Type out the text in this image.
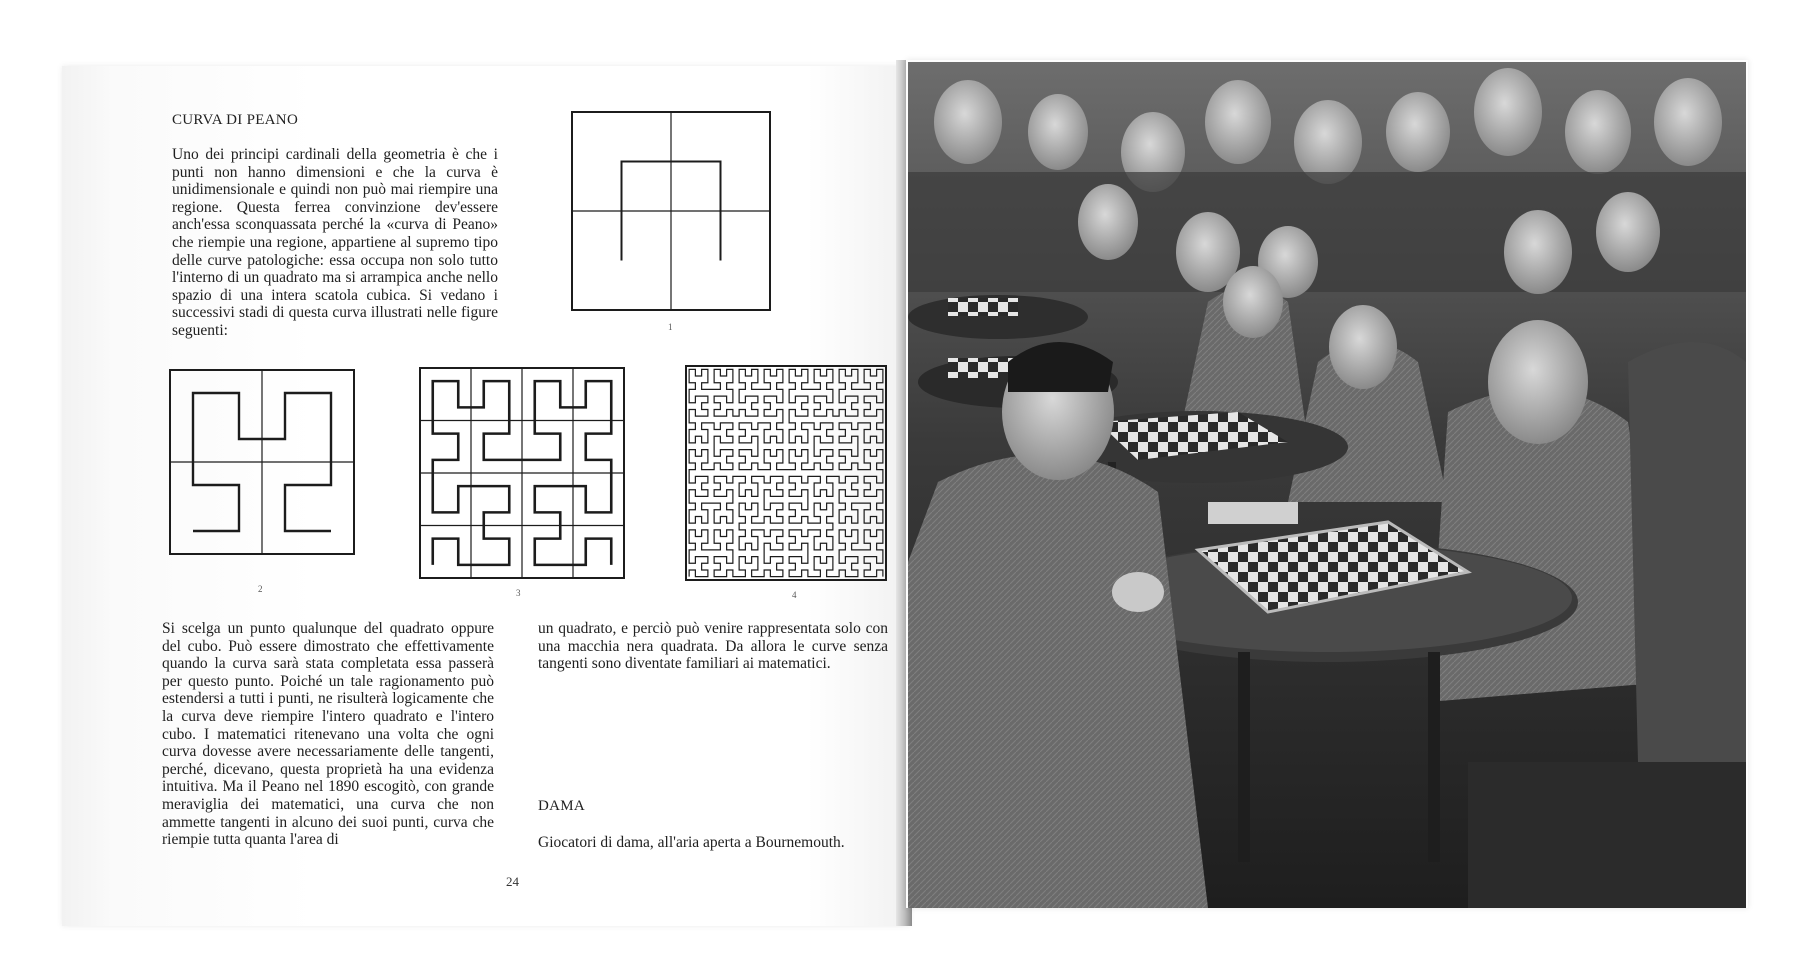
CURVA DI PEANO

Uno dei principi cardinali della geometria è che i punti non hanno dimensioni e che la curva è unidimensionale e quindi non può mai riempire una regione. Questa ferrea convinzione dev'essere anch'essa sconquassata perché la «curva di Peano» che riempie una regione, appartiene al supremo tipo delle curve patologiche: essa occupa non solo tutto l'interno di un quadrato ma si arrampica anche nello spazio di una intera scatola cubica. Si vedano i successivi stadi di questa curva illustrati nelle figure seguenti:	1
2	3	4

Si scelga un punto qualunque del quadrato oppure del cubo. Può essere dimostrato che effettivamente quando la curva sarà stata completata essa passerà per questo punto. Poiché un tale ragionamento può estendersi a tutti i punti, ne risulterà logicamente che la curva deve riempire l'intero quadrato e l'intero cubo. I matematici ritenevano una volta che ogni curva dovesse avere necessariamente delle tangenti, perché, dicevano, questa proprietà ha una evidenza intuitiva. Ma il Peano nel 1890 escogitò, con grande meraviglia dei matematici, una curva che non ammette tangenti in alcuno dei suoi punti, curva che riempie tutta quanta l'area di

un quadrato, e perciò può venire rappresentata solo con una macchia nera quadrata. Da allora le curve senza tangenti sono diventate familiari ai matematici.

DAMA

Giocatori di dama, all'aria aperta a Bournemouth.

24
